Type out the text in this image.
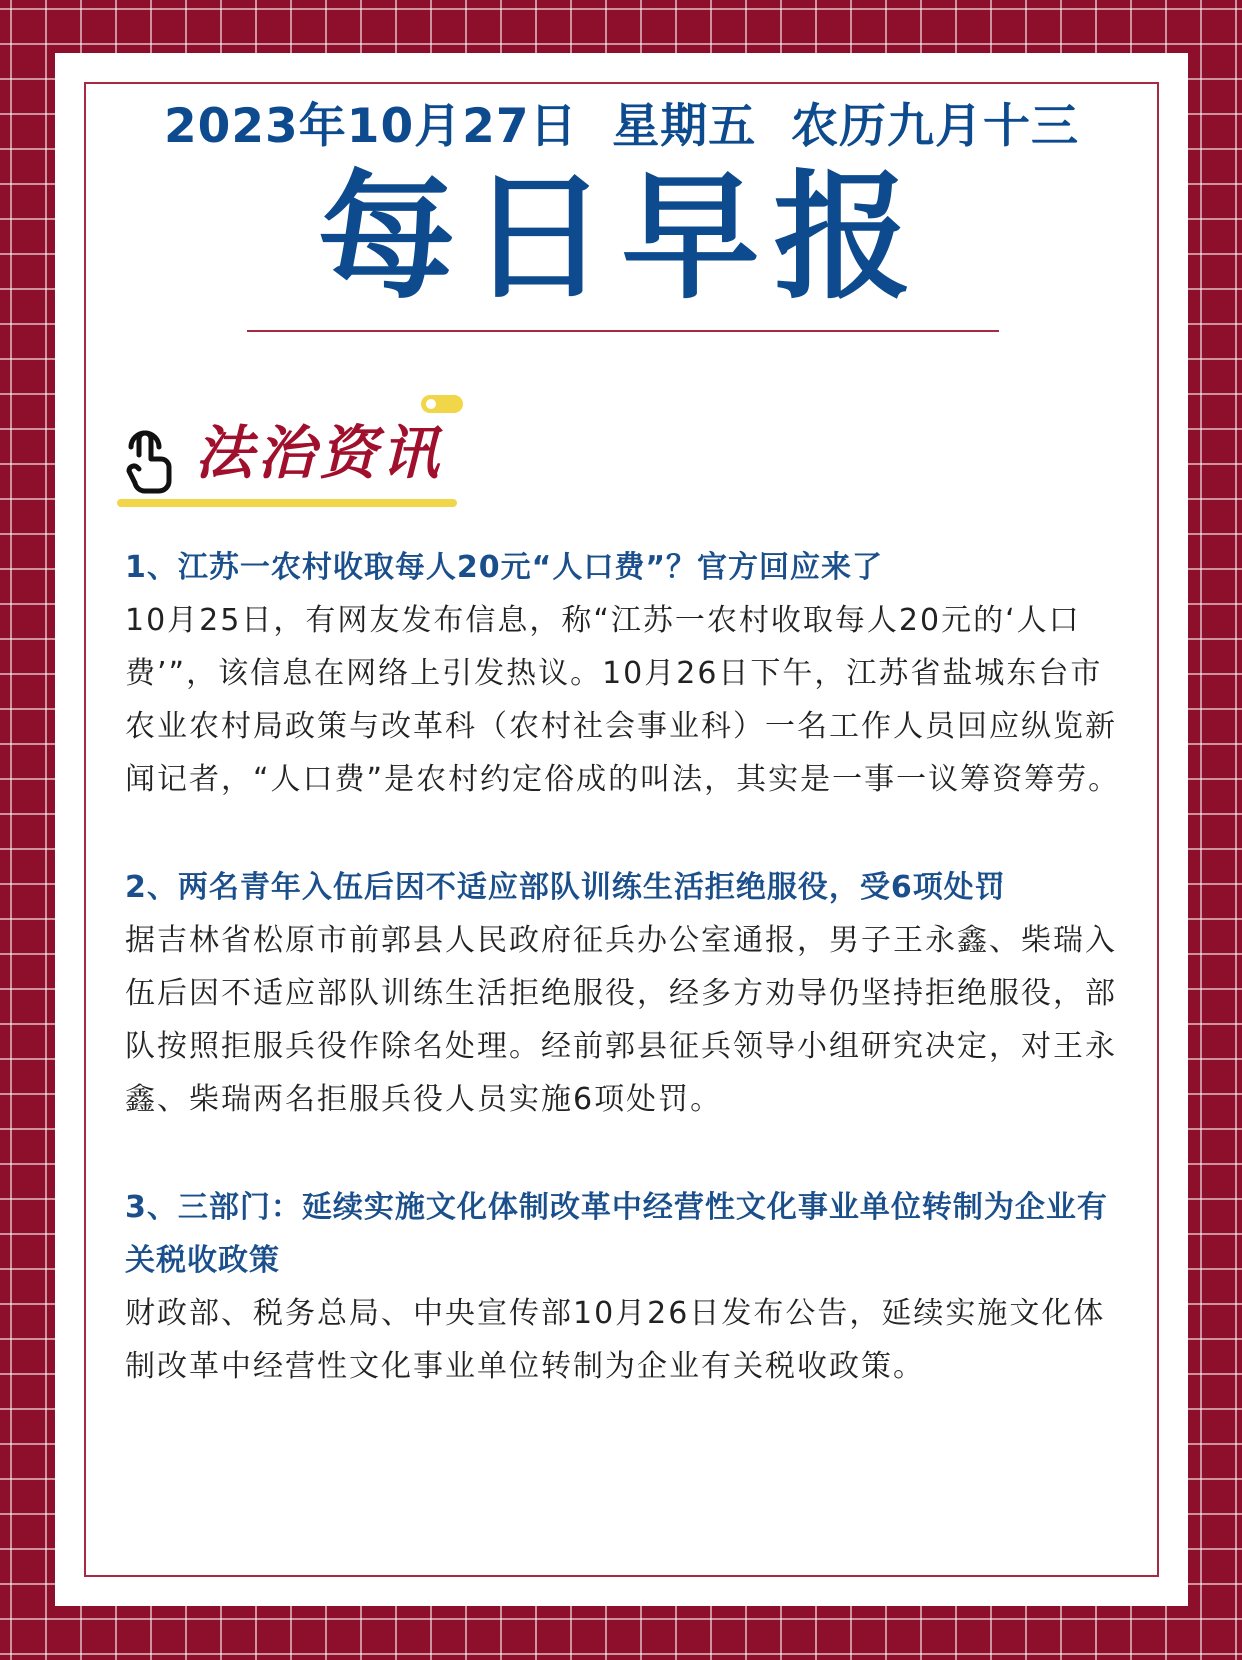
2023年10月27日  星期五  农历九月十三
每日早报
法治资讯
1、江苏一农村收取每人20元“人口费”？官方回应来了
10月25日，有网友发布信息，称“江苏一农村收取每人20元的‘人口费’”，该信息在网络上引发热议。10月26日下午，江苏省盐城东台市农业农村局政策与改革科（农村社会事业科）一名工作人员回应纵览新闻记者，“人口费”是农村约定俗成的叫法，其实是一事一议筹资筹劳。
2、两名青年入伍后因不适应部队训练生活拒绝服役，受6项处罚
据吉林省松原市前郭县人民政府征兵办公室通报，男子王永鑫、柴瑞入伍后因不适应部队训练生活拒绝服役，经多方劝导仍坚持拒绝服役，部队按照拒服兵役作除名处理。经前郭县征兵领导小组研究决定，对王永鑫、柴瑞两名拒服兵役人员实施6项处罚。
3、三部门：延续实施文化体制改革中经营性文化事业单位转制为企业有关税收政策
财政部、税务总局、中央宣传部10月26日发布公告，延续实施文化体制改革中经营性文化事业单位转制为企业有关税收政策。
